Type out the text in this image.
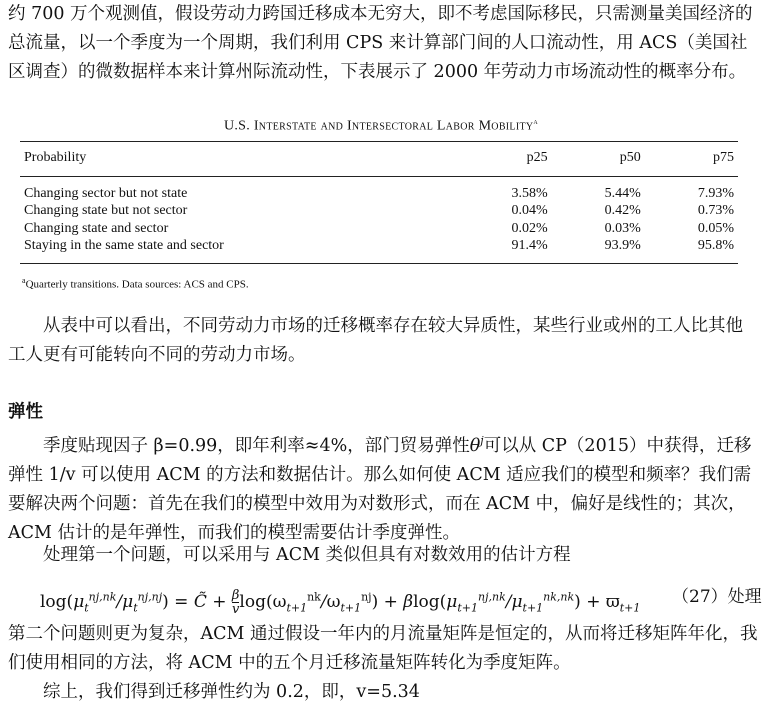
约 700 万个观测值，假设劳动力跨国迁移成本无穷大，即不考虑国际移民，只需测量美国经济的总流量，以一个季度为一个周期，我们利用 CPS 来计算部门间的人口流动性，用 ACS（美国社区调查）的微数据样本来计算州际流动性，下表展示了 2000 年劳动力市场流动性的概率分布。

U.S. Interstate and Intersectoral Labor Mobility$^a$
Probability	p25	p50	p75
Changing sector but not state	3.58%	5.44%	7.93%
Changing state but not sector	0.04%	0.42%	0.73%
Changing state and sector	0.02%	0.03%	0.05%
Staying in the same state and sector	91.4%	93.9%	95.8%
$^a$Quarterly transitions. Data sources: ACS and CPS.

从表中可以看出，不同劳动力市场的迁移概率存在较大异质性，某些行业或州的工人比其他工人更有可能转向不同的劳动力市场。

弹性

季度贴现因子 β=0.99，即年利率≈4%，部门贸易弹性$\theta^j$可以从 CP（2015）中获得，迁移弹性 1/v 可以使用 ACM 的方法和数据估计。那么如何使 ACM 适应我们的模型和频率？我们需要解决两个问题：首先在我们的模型中效用为对数形式，而在 ACM 中，偏好是线性的；其次，ACM 估计的是年弹性，而我们的模型需要估计季度弹性。

处理第一个问题，可以采用与 ACM 类似但具有对数效用的估计方程

$\log(\mu_t^{nj,nk}/\mu_t^{nj,nj})$ = C̃ + $\frac{\beta}{v} \log(\omega_{t+1}^{nk}/\omega_{t+1}^{nj}) + \beta\log(\mu_{t+1}^{nj,nk}/\mu_{t+1}^{nk,nk}) + ϖ_{t+1}$
（27）处理

第二个问题则更为复杂，ACM 通过假设一年内的月流量矩阵是恒定的，从而将迁移矩阵年化，我们使用相同的方法，将 ACM 中的五个月迁移流量矩阵转化为季度矩阵。

综上，我们得到迁移弹性约为 0.2，即，v=5.34
